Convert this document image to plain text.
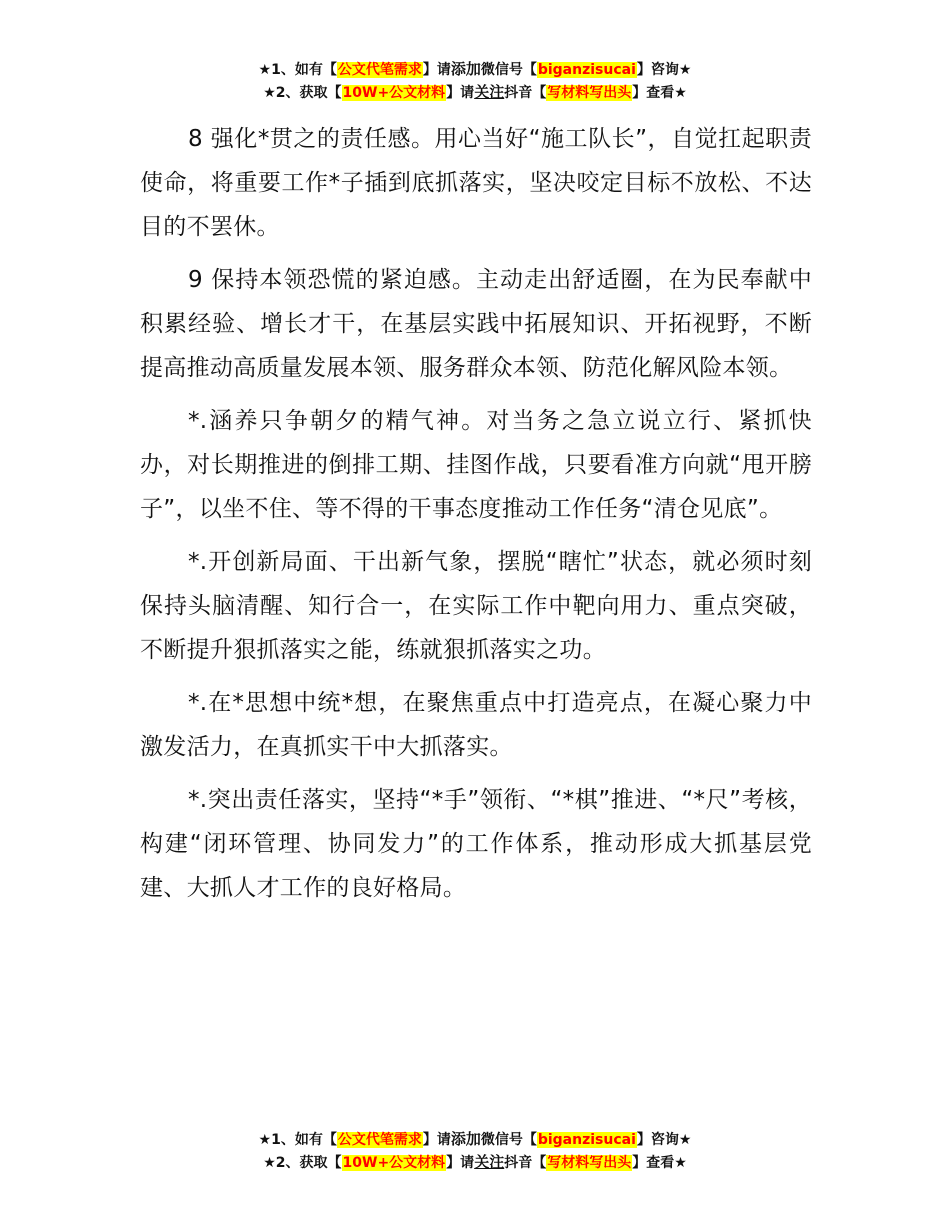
★1、如有【公文代笔需求】请添加微信号【biganzisucai】咨询★
★2、获取【10W+公文材料】请关注抖音【写材料写出头】查看★

8 强化*贯之的责任感。用心当好“施工队长”，自觉扛起职责使命，将重要工作*子插到底抓落实，坚决咬定目标不放松、不达目的不罢休。

9 保持本领恐慌的紧迫感。主动走出舒适圈，在为民奉献中积累经验、增长才干，在基层实践中拓展知识、开拓视野，不断提高推动高质量发展本领、服务群众本领、防范化解风险本领。

*.涵养只争朝夕的精气神。对当务之急立说立行、紧抓快办，对长期推进的倒排工期、挂图作战，只要看准方向就“甩开膀子”，以坐不住、等不得的干事态度推动工作任务“清仓见底”。

*.开创新局面、干出新气象，摆脱“瞎忙”状态，就必须时刻保持头脑清醒、知行合一，在实际工作中靶向用力、重点突破，不断提升狠抓落实之能，练就狠抓落实之功。

*.在*思想中统*想，在聚焦重点中打造亮点，在凝心聚力中激发活力，在真抓实干中大抓落实。

*.突出责任落实，坚持“*手”领衔、“*棋”推进、“*尺”考核，构建“闭环管理、协同发力”的工作体系，推动形成大抓基层党建、大抓人才工作的良好格局。

★1、如有【公文代笔需求】请添加微信号【biganzisucai】咨询★
★2、获取【10W+公文材料】请关注抖音【写材料写出头】查看★
